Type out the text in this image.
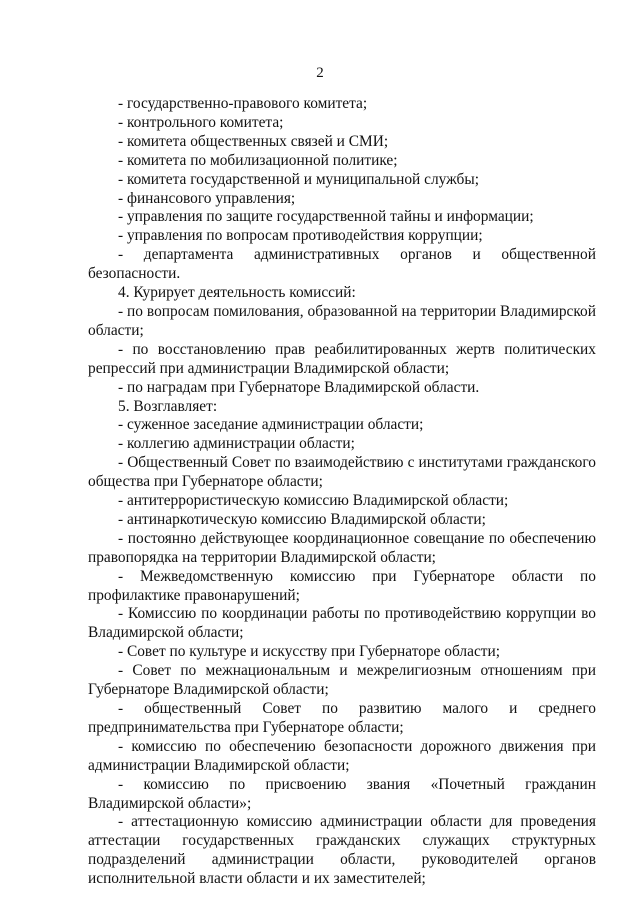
2

- государственно-правового комитета;

- контрольного комитета;

- комитета общественных связей и СМИ;

- комитета по мобилизационной политике;

- комитета государственной и муниципальной службы;

- финансового управления;

- управления по защите государственной тайны и информации;

- управления по вопросам противодействия коррупции;

- департамента административных органов и общественной безопасности.

4. Курирует деятельность комиссий:

- по вопросам помилования, образованной на территории Владимирской области;

- по восстановлению прав реабилитированных жертв политических репрессий при администрации Владимирской области;

- по наградам при Губернаторе Владимирской области.

5. Возглавляет:

- суженное заседание администрации области;

- коллегию администрации области;

- Общественный Совет по взаимодействию с институтами гражданского общества при Губернаторе области;

- антитеррористическую комиссию Владимирской области;

- антинаркотическую комиссию Владимирской области;

- постоянно действующее координационное совещание по обеспечению правопорядка на территории Владимирской области;

- Межведомственную комиссию при Губернаторе области по профилактике правонарушений;

- Комиссию по координации работы по противодействию коррупции во Владимирской области;

- Совет по культуре и искусству при Губернаторе области;

- Совет по межнациональным и межрелигиозным отношениям при Губернаторе Владимирской области;

- общественный Совет по развитию малого и среднего предпринимательства при Губернаторе области;

- комиссию по обеспечению безопасности дорожного движения при администрации Владимирской области;

- комиссию по присвоению звания «Почетный гражданин Владимирской области»;

- аттестационную комиссию администрации области для проведения аттестации государственных гражданских служащих структурных подразделений администрации области, руководителей органов исполнительной власти области и их заместителей;
